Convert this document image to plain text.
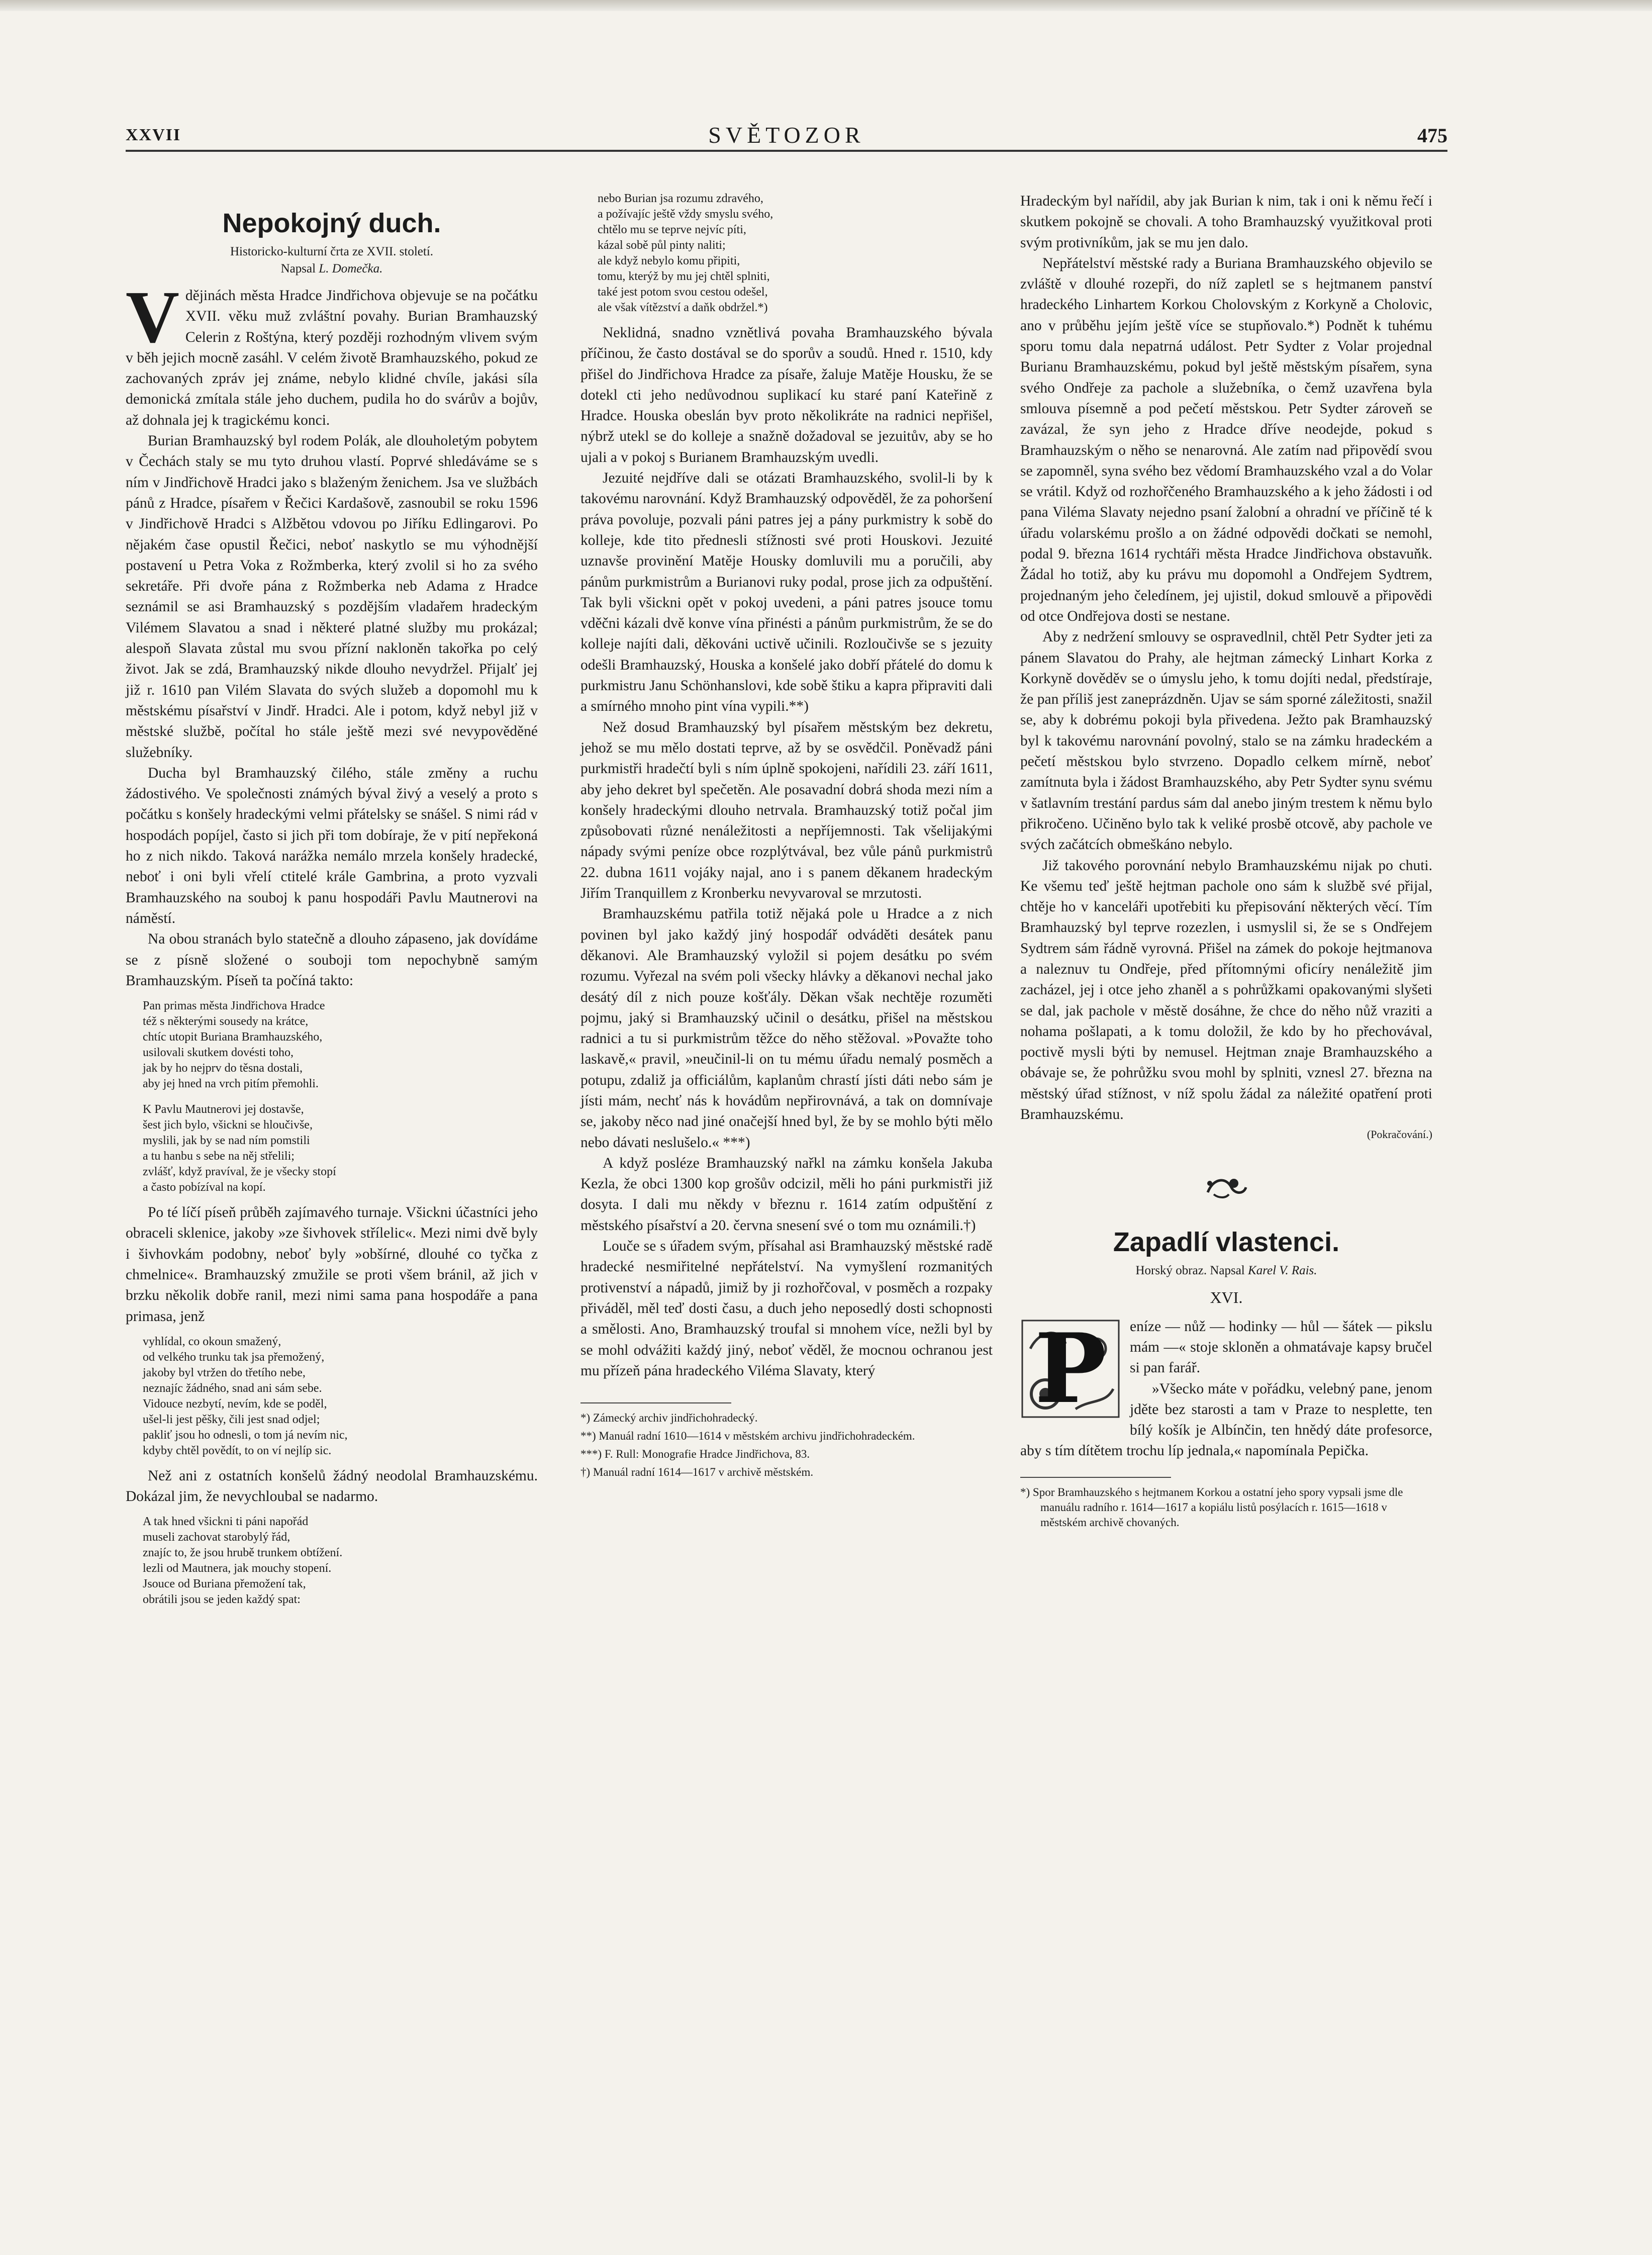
XXVII	SVĚTOZOR	475
Nepokojný duch.
Historicko-kulturní črta ze XVII. století.
Napsal L. Domečka.

V dějinách města Hradce Jindřichova objevuje se na počátku XVII. věku muž zvláštní povahy. Burian Bramhauzský Celerin z Roštýna, který později rozhodným vlivem svým v běh jejich mocně zasáhl. V celém životě Bramhauzského, pokud ze zachovaných zpráv jej známe, nebylo klidné chvíle, jakási síla demonická zmítala stále jeho duchem, pudila ho do svárův a bojův, až dohnala jej k tragickému konci.

Burian Bramhauzský byl rodem Polák, ale dlouholetým pobytem v Čechách staly se mu tyto druhou vlastí. Poprvé shledáváme se s ním v Jindřichově Hradci jako s blaženým ženichem. Jsa ve službách pánů z Hradce, písařem v Řečici Kardašově, zasnoubil se roku 1596 v Jindřichově Hradci s Alžbětou vdovou po Jiříku Edlingarovi. Po nějakém čase opustil Řečici, neboť naskytlo se mu výhodnější postavení u Petra Voka z Rožmberka, který zvolil si ho za svého sekretáře. Při dvoře pána z Rožmberka neb Adama z Hradce seznámil se asi Bramhauzský s pozdějším vladařem hradeckým Vilémem Slavatou a snad i některé platné služby mu prokázal; alespoň Slavata zůstal mu svou přízní nakloněn takořka po celý život. Jak se zdá, Bramhauzský nikde dlouho nevydržel. Přijalť jej již r. 1610 pan Vilém Slavata do svých služeb a dopomohl mu k městskému písařství v Jindř. Hradci. Ale i potom, když nebyl již v městské službě, počítal ho stále ještě mezi své nevypověděné služebníky.

Ducha byl Bramhauzský čilého, stále změny a ruchu žádostivého. Ve společnosti známých býval živý a veselý a proto s počátku s konšely hradeckými velmi přátelsky se snášel. S nimi rád v hospodách popíjel, často si jich při tom dobíraje, že v pití nepřekoná ho z nich nikdo. Taková narážka nemálo mrzela konšely hradecké, neboť i oni byli vřelí ctitelé krále Gambrina, a proto vyzvali Bramhauzského na souboj k panu hospodáři Pavlu Mautnerovi na náměstí.

Na obou stranách bylo statečně a dlouho zápaseno, jak dovídáme se z písně složené o souboji tom nepochybně samým Bramhauzským. Píseň ta počíná takto:

Pan primas města Jindřichova Hradce
též s některými sousedy na krátce,
chtíc utopit Buriana Bramhauzského,
usilovali skutkem dovésti toho,
jak by ho nejprv do těsna dostali,
aby jej hned na vrch pitím přemohli.
K Pavlu Mautnerovi jej dostavše,
šest jich bylo, všickni se hloučivše,
myslili, jak by se nad ním pomstili
a tu hanbu s sebe na něj střelili;
zvlášť, když pravíval, že je všecky stopí
a často pobízíval na kopí.

Po té líčí píseň průběh zajímavého turnaje. Všickni účastníci jeho obraceli sklenice, jakoby »ze šivhovek střílelic«. Mezi nimi dvě byly i šivhovkám podobny, neboť byly »obšírné, dlouhé co tyčka z chmelnice«. Bramhauzský zmužile se proti všem bránil, až jich v brzku několik dobře ranil, mezi nimi sama pana hospodáře a pana primasa, jenž

vyhlídal, co okoun smažený,
od velkého trunku tak jsa přemožený,
jakoby byl vtržen do třetího nebe,
neznajíc žádného, snad ani sám sebe.
Vidouce nezbytí, nevím, kde se poděl,
ušel-li jest pěšky, čili jest snad odjel;
pakliť jsou ho odnesli, o tom já nevím nic,
kdyby chtěl povědít, to on ví nejlíp sic.

Než ani z ostatních konšelů žádný neodolal Bramhauzskému. Dokázal jim, že nevychloubal se nadarmo.

A tak hned všickni ti páni napořád
museli zachovat starobylý řád,
znajíc to, že jsou hrubě trunkem obtížení.
lezli od Mautnera, jak mouchy stopení.
Jsouce od Buriana přemožení tak,
obrátili jsou se jeden každý spat:
nebo Burian jsa rozumu zdravého,
a požívajíc ještě vždy smyslu svého,
chtělo mu se teprve nejvíc píti,
kázal sobě půl pinty naliti;
ale když nebylo komu připiti,
tomu, kterýž by mu jej chtěl splniti,
také jest potom svou cestou odešel,
ale však vítězství a daňk obdržel.*)

Neklidná, snadno vznětlivá povaha Bramhauzského bývala příčinou, že často dostával se do sporův a soudů. Hned r. 1510, kdy přišel do Jindřichova Hradce za písaře, žaluje Matěje Housku, že se dotekl cti jeho nedůvodnou suplikací ku staré paní Kateřině z Hradce. Houska obeslán byv proto několikráte na radnici nepřišel, nýbrž utekl se do kolleje a snažně dožadoval se jezuitův, aby se ho ujali a v pokoj s Burianem Bramhauzským uvedli.

Jezuité nejdříve dali se otázati Bramhauzského, svolil-li by k takovému narovnání. Když Bramhauzský odpověděl, že za pohoršení práva povoluje, pozvali páni patres jej a pány purkmistry k sobě do kolleje, kde tito přednesli stížnosti své proti Houskovi. Jezuité uznavše provinění Matěje Housky domluvili mu a poručili, aby pánům purkmistrům a Burianovi ruky podal, prose jich za odpuštění. Tak byli všickni opět v pokoj uvedeni, a páni patres jsouce tomu vděčni kázali dvě konve vína přinésti a pánům purkmistrům, že se do kolleje najíti dali, děkováni uctivě učinili. Rozloučivše se s jezuity odešli Bramhauzský, Houska a konšelé jako dobří přátelé do domu k purkmistru Janu Schönhanslovi, kde sobě štiku a kapra připraviti dali a smírného mnoho pint vína vypili.**)

Než dosud Bramhauzský byl písařem městským bez dekretu, jehož se mu mělo dostati teprve, až by se osvědčil. Poněvadž páni purkmistři hradečtí byli s ním úplně spokojeni, nařídili 23. září 1611, aby jeho dekret byl spečetěn. Ale posavadní dobrá shoda mezi ním a konšely hradeckými dlouho netrvala. Bramhauzský totiž počal jim způsobovati různé nenáležitosti a nepříjemnosti. Tak všelijakými nápady svými peníze obce rozplýtvával, bez vůle pánů purkmistrů 22. dubna 1611 vojáky najal, ano i s panem děkanem hradeckým Jiřím Tranquillem z Kronberku nevyvaroval se mrzutosti.

Bramhauzskému patřila totiž nějaká pole u Hradce a z nich povinen byl jako každý jiný hospodář odváděti desátek panu děkanovi. Ale Bramhauzský vyložil si pojem desátku po svém rozumu. Vyřezal na svém poli všecky hlávky a děkanovi nechal jako desátý díl z nich pouze košťály. Děkan však nechtěje rozuměti pojmu, jaký si Bramhauzský učinil o desátku, přišel na městskou radnici a tu si purkmistrům těžce do něho stěžoval. »Považte toho laskavě,« pravil, »neučinil-li on tu mému úřadu nemalý posměch a potupu, zdaliž ja officiálům, kaplanům chrastí jísti dáti nebo sám je jísti mám, nechť nás k hovádům nepřirovnává, a tak on domnívaje se, jakoby něco nad jiné onačejší hned byl, že by se mohlo býti mělo nebo dávati neslušelo.« ***)

A když posléze Bramhauzský nařkl na zámku konšela Jakuba Kezla, že obci 1300 kop grošův odcizil, měli ho páni purkmistři již dosyta. I dali mu někdy v březnu r. 1614 zatím odpuštění z městského písařství a 20. června snesení své o tom mu oznámili.†)

Louče se s úřadem svým, přísahal asi Bramhauzský městské radě hradecké nesmiřitelné nepřátelství. Na vymyšlení rozmanitých protivenství a nápadů, jimiž by ji rozhořčoval, v posměch a rozpaky přiváděl, měl teď dosti času, a duch jeho neposedlý dosti schopnosti a smělosti. Ano, Bramhauzský troufal si mnohem více, nežli byl by se mohl odvážiti každý jiný, neboť věděl, že mocnou ochranou jest mu přízeň pána hradeckého Viléma Slavaty, který

*) Zámecký archiv jindřichohradecký.
**) Manuál radní 1610—1614 v městském archivu jindřichohradeckém.
***) F. Rull: Monografie Hradce Jindřichova, 83.
†) Manuál radní 1614—1617 v archivě městském.

Hradeckým byl nařídil, aby jak Burian k nim, tak i oni k němu řečí i skutkem pokojně se chovali. A toho Bramhauzský využitkoval proti svým protivníkům, jak se mu jen dalo.

Nepřátelství městské rady a Buriana Bramhauzského objevilo se zvláště v dlouhé rozepři, do níž zapletl se s hejtmanem panství hradeckého Linhartem Korkou Cholovským z Korkyně a Cholovic, ano v průběhu jejím ještě více se stupňovalo.*) Podnět k tuhému sporu tomu dala nepatrná událost. Petr Sydter z Volar projednal Burianu Bramhauzskému, pokud byl ještě městským písařem, syna svého Ondřeje za pachole a služebníka, o čemž uzavřena byla smlouva písemně a pod pečetí městskou. Petr Sydter zároveň se zavázal, že syn jeho z Hradce dříve neodejde, pokud s Bramhauzským o něho se nenarovná. Ale zatím nad připovědí svou se zapomněl, syna svého bez vědomí Bramhauzského vzal a do Volar se vrátil. Když od rozhořčeného Bramhauzského a k jeho žádosti i od pana Viléma Slavaty nejedno psaní žalobní a ohradní ve příčině té k úřadu volarskému prošlo a on žádné odpovědi dočkati se nemohl, podal 9. března 1614 rychtáři města Hradce Jindřichova obstavuňk. Žádal ho totiž, aby ku právu mu dopomohl a Ondřejem Sydtrem, projednaným jeho čeledínem, jej ujistil, dokud smlouvě a připovědi od otce Ondřejova dosti se nestane.

Aby z nedržení smlouvy se ospravedlnil, chtěl Petr Sydter jeti za pánem Slavatou do Prahy, ale hejtman zámecký Linhart Korka z Korkyně dověděv se o úmyslu jeho, k tomu dojíti nedal, předstíraje, že pan příliš jest zaneprázdněn. Ujav se sám sporné záležitosti, snažil se, aby k dobrému pokoji byla přivedena. Ježto pak Bramhauzský byl k takovému narovnání povolný, stalo se na zámku hradeckém a pečetí městskou bylo stvrzeno. Dopadlo celkem mírně, neboť zamítnuta byla i žádost Bramhauzského, aby Petr Sydter synu svému v šatlavním trestání pardus sám dal anebo jiným trestem k němu bylo přikročeno. Učiněno bylo tak k veliké prosbě otcově, aby pachole ve svých začátcích obmeškáno nebylo.

Již takového porovnání nebylo Bramhauzskému nijak po chuti. Ke všemu teď ještě hejtman pachole ono sám k službě své přijal, chtěje ho v kanceláři upotřebiti ku přepisování některých věcí. Tím Bramhauzský byl teprve rozezlen, i usmyslil si, že se s Ondřejem Sydtrem sám řádně vyrovná. Přišel na zámek do pokoje hejtmanova a naleznuv tu Ondřeje, před přítomnými oficíry nenáležitě jim zacházel, jej i otce jeho zhaněl a s pohrůžkami opakovanými slyšeti se dal, jak pachole v městě dosáhne, že chce do něho nůž vraziti a nohama pošlapati, a k tomu doložil, že kdo by ho přechovával, poctivě mysli býti by nemusel. Hejtman znaje Bramhauzského a obávaje se, že pohrůžku svou mohl by splniti, vznesl 27. března na městský úřad stížnost, v níž spolu žádal za náležité opatření proti Bramhauzskému.

(Pokračování.)
Zapadlí vlastenci.
Horský obraz. Napsal Karel V. Rais.
XVI.

P	eníze — nůž — hodinky — hůl — šátek — pikslu mám —« stoje skloněn a ohmatávaje kapsy bručel si pan farář.

»Všecko máte v pořádku, velebný pane, jenom jděte bez starosti a tam v Praze to nesplette, ten bílý košík je Albínčin, ten hnědý dáte profesorce, aby s tím dítětem trochu líp jednala,« napomínala Pepička.

*) Spor Bramhauzského s hejtmanem Korkou a ostatní jeho spory vypsali jsme dle manuálu radního r. 1614—1617 a kopiálu listů posýlacích r. 1615—1618 v městském archivě chovaných.
